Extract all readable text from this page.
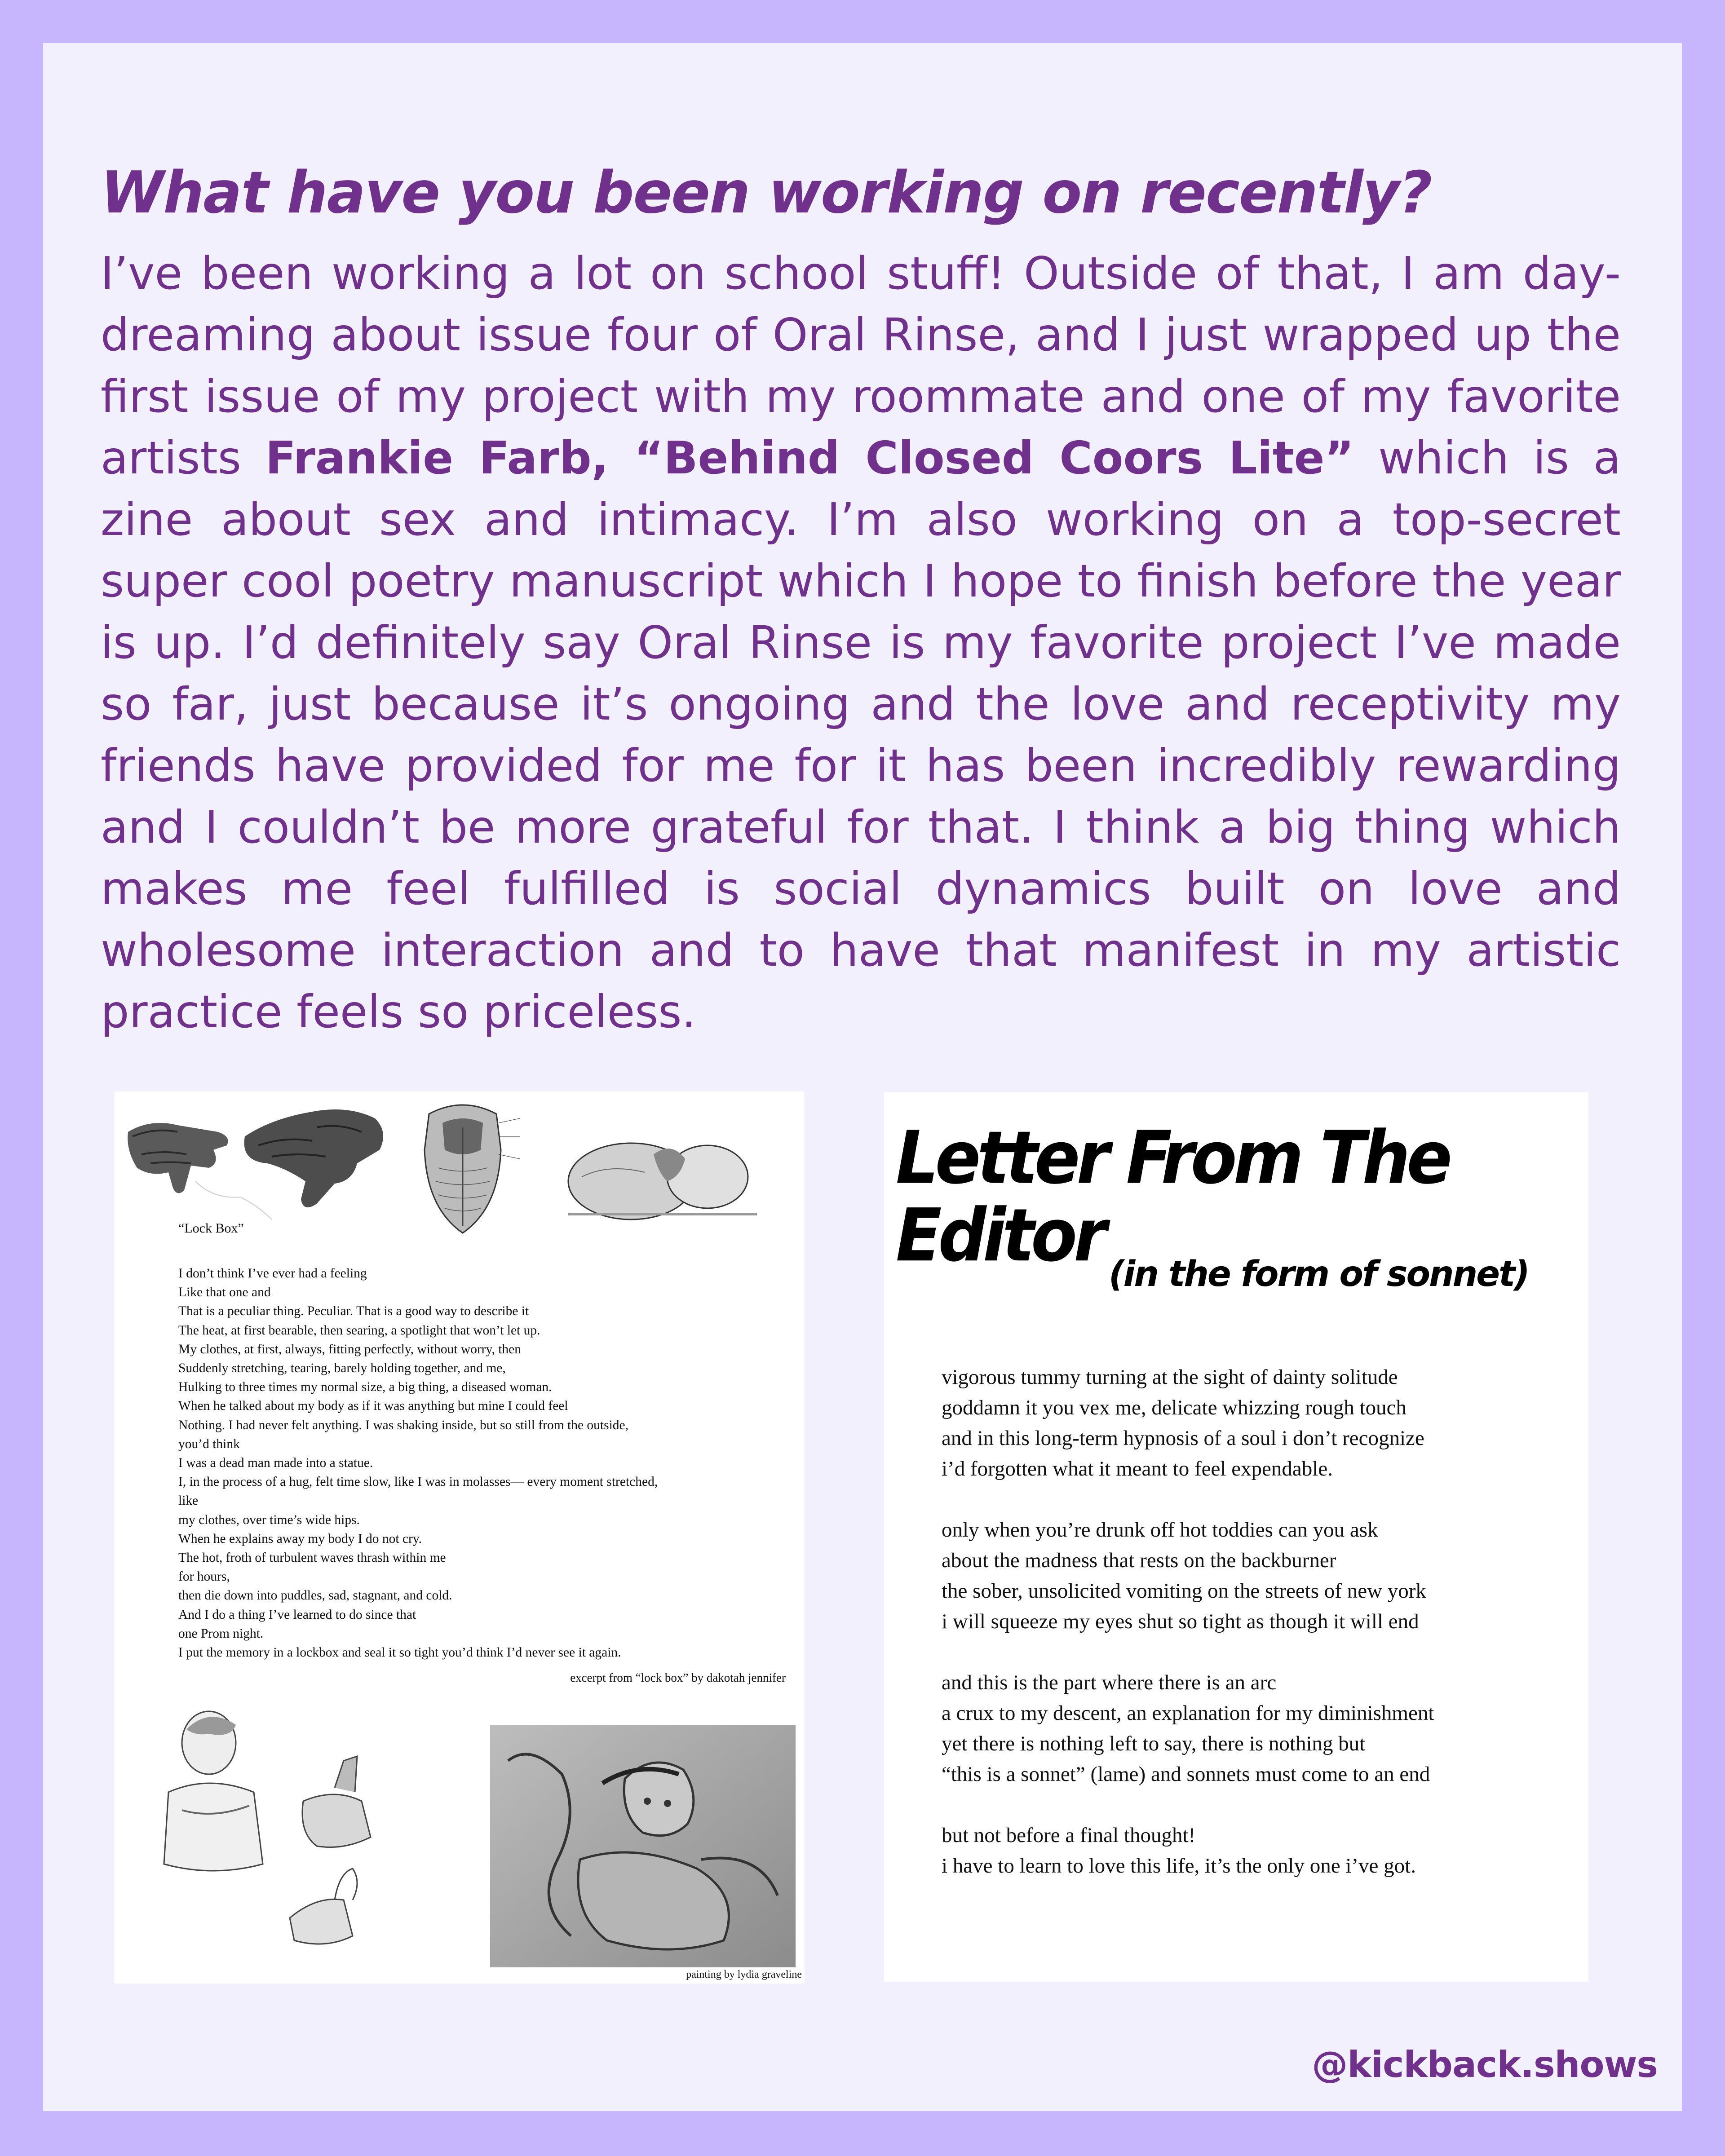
What have you been working on recently?

I’ve been working a lot on school stuff! Outside of that, I am day-dreaming about issue four of Oral Rinse, and I just wrapped up the first issue of my project with my roommate and one of my favorite artists Frankie Farb, “Behind Closed Coors Lite” which is a zine about sex and intimacy. I’m also working on a top-secret super cool poetry manuscript which I hope to finish before the year is up. I’d definitely say Oral Rinse is my favorite project I’ve made so far, just because it’s ongoing and the love and receptivity my friends have provided for me for it has been incredibly rewarding and I couldn’t be more grateful for that. I think a big thing which makes me feel fulfilled is social dynamics built on love and wholesome interaction and to have that manifest in my artistic practice feels so priceless.

“Lock Box”

I don’t think I’ve ever had a feeling
Like that one and
That is a peculiar thing. Peculiar. That is a good way to describe it
The heat, at first bearable, then searing, a spotlight that won’t let up.
My clothes, at first, always, fitting perfectly, without worry, then
Suddenly stretching, tearing, barely holding together, and me,
Hulking to three times my normal size, a big thing, a diseased woman.
When he talked about my body as if it was anything but mine I could feel
Nothing. I had never felt anything. I was shaking inside, but so still from the outside,
you’d think
I was a dead man made into a statue.
I, in the process of a hug, felt time slow, like I was in molasses— every moment stretched,
like
my clothes, over time’s wide hips.
When he explains away my body I do not cry.
The hot, froth of turbulent waves thrash within me
for hours,
then die down into puddles, sad, stagnant, and cold.
And I do a thing I’ve learned to do since that
one Prom night.
I put the memory in a lockbox and seal it so tight you’d think I’d never see it again.

excerpt from “lock box” by dakotah jennifer
painting by lydia graveline
Letter From The Editor (in the form of sonnet)

vigorous tummy turning at the sight of dainty solitude
goddamn it you vex me, delicate whizzing rough touch
and in this long-term hypnosis of a soul i don’t recognize
i’d forgotten what it meant to feel expendable.

only when you’re drunk off hot toddies can you ask
about the madness that rests on the backburner
the sober, unsolicited vomiting on the streets of new york
i will squeeze my eyes shut so tight as though it will end

and this is the part where there is an arc
a crux to my descent, an explanation for my diminishment
yet there is nothing left to say, there is nothing but
“this is a sonnet” (lame) and sonnets must come to an end

but not before a final thought!
i have to learn to love this life, it’s the only one i’ve got.

@kickback.shows
